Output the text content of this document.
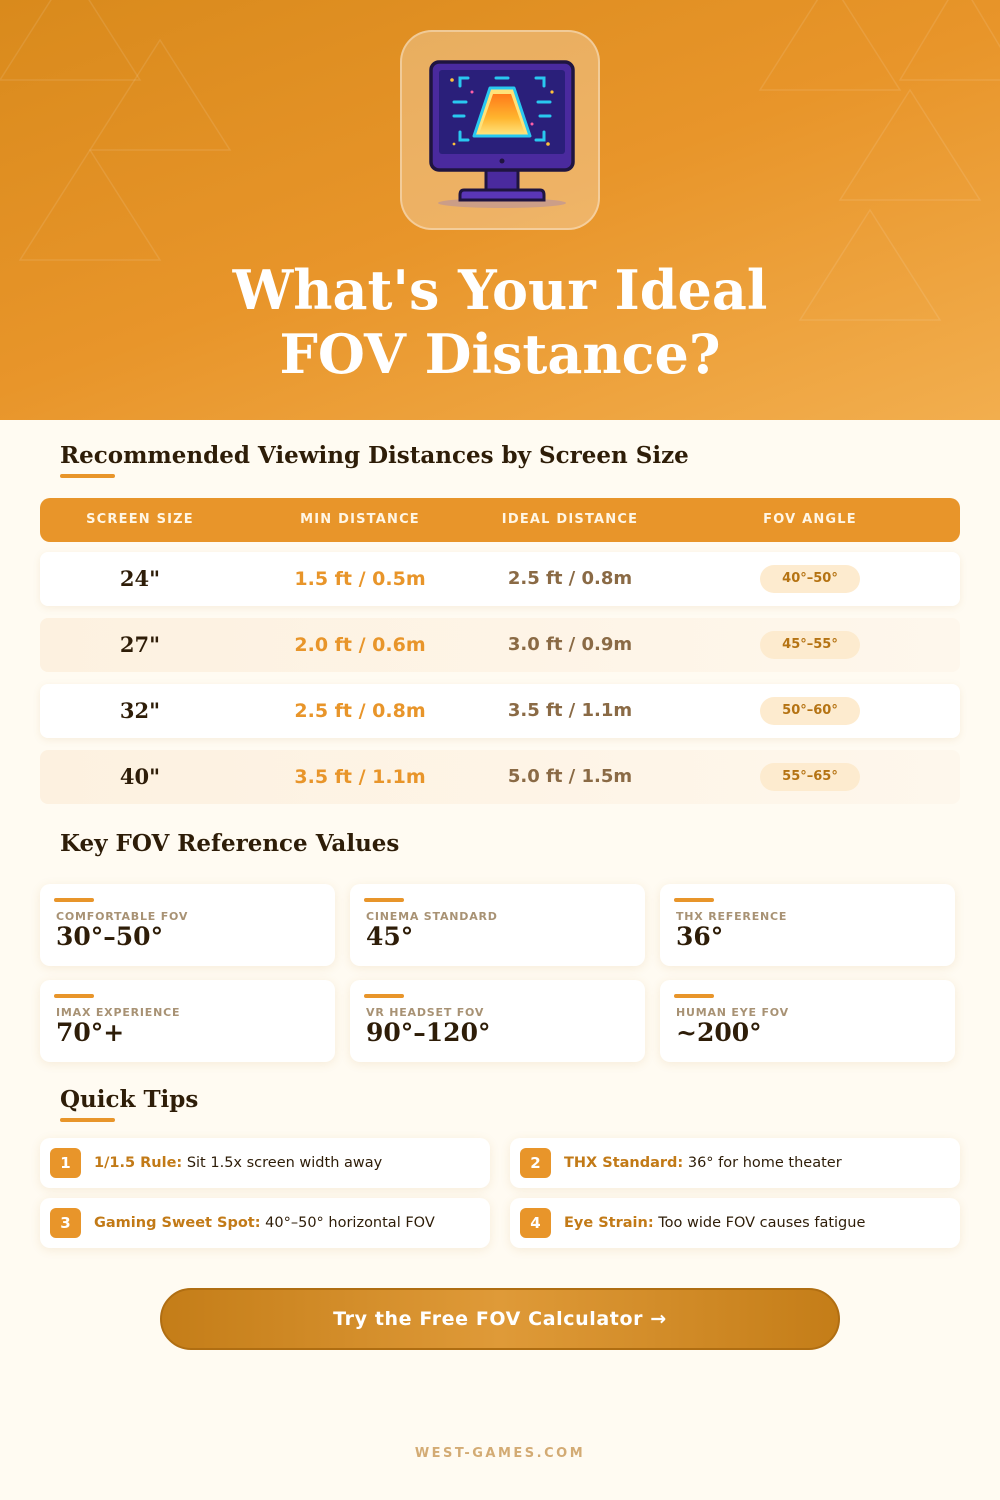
What's Your Ideal
FOV Distance?
Recommended Viewing Distances by Screen Size
SCREEN SIZE	MIN DISTANCE	IDEAL DISTANCE	FOV ANGLE
24"	1.5 ft / 0.5m	2.5 ft / 0.8m	40°–50°
27"	2.0 ft / 0.6m	3.0 ft / 0.9m	45°–55°
32"	2.5 ft / 0.8m	3.5 ft / 1.1m	50°–60°
40"	3.5 ft / 1.1m	5.0 ft / 1.5m	55°–65°
Key FOV Reference Values
COMFORTABLE FOV
30°–50°
CINEMA STANDARD
45°
THX REFERENCE
36°
IMAX EXPERIENCE
70°+
VR HEADSET FOV
90°–120°
HUMAN EYE FOV
~200°
Quick Tips
1	1/1.5 Rule: Sit 1.5x screen width away	2	THX Standard: 36° for home theater
3	Gaming Sweet Spot: 40°–50° horizontal FOV	4	Eye Strain: Too wide FOV causes fatigue
Try the Free FOV Calculator →
WEST-GAMES.COM
